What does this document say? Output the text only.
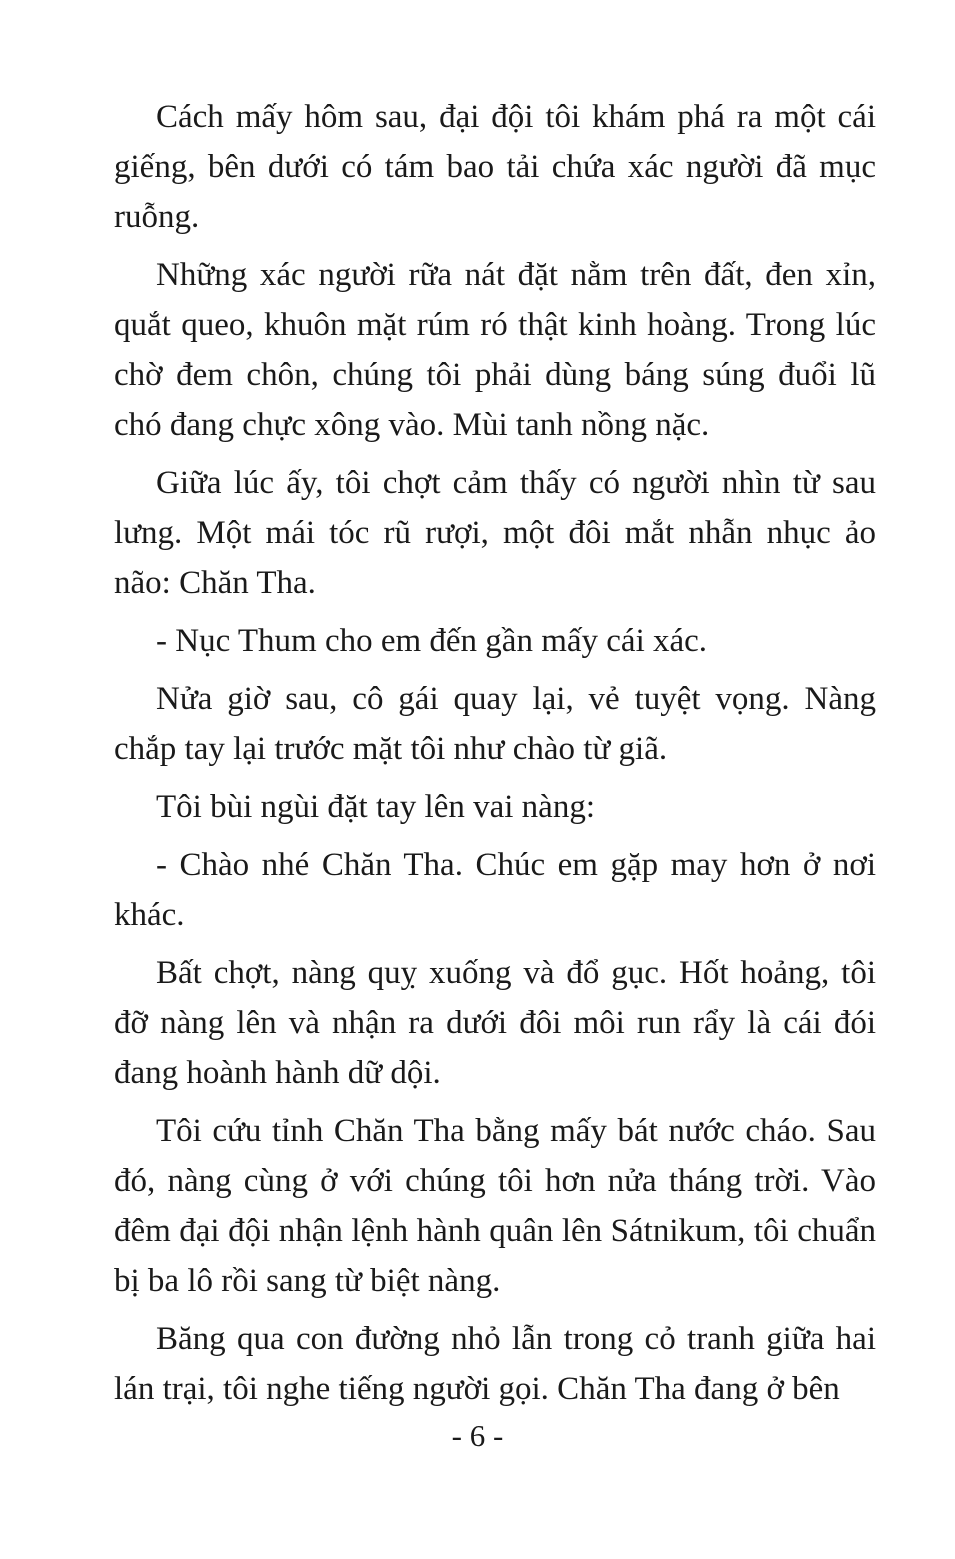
Cách mấy hôm sau, đại đội tôi khám phá ra một cái giếng, bên dưới có tám bao tải chứa xác người đã mục ruỗng.

Những xác người rữa nát đặt nằm trên đất, đen xỉn, quắt queo, khuôn mặt rúm ró thật kinh hoàng. Trong lúc chờ đem chôn, chúng tôi phải dùng báng súng đuổi lũ chó đang chực xông vào. Mùi tanh nồng nặc.

Giữa lúc ấy, tôi chợt cảm thấy có người nhìn từ sau lưng. Một mái tóc rũ rượi, một đôi mắt nhẫn nhục ảo não: Chăn Tha.

- Nục Thum cho em đến gần mấy cái xác.

Nửa giờ sau, cô gái quay lại, vẻ tuyệt vọng. Nàng chắp tay lại trước mặt tôi như chào từ giã.

Tôi bùi ngùi đặt tay lên vai nàng:

- Chào nhé Chăn Tha. Chúc em gặp may hơn ở nơi khác.

Bất chợt, nàng quỵ xuống và đổ gục. Hốt hoảng, tôi đỡ nàng lên và nhận ra dưới đôi môi run rẩy là cái đói đang hoành hành dữ dội.

Tôi cứu tỉnh Chăn Tha bằng mấy bát nước cháo. Sau đó, nàng cùng ở với chúng tôi hơn nửa tháng trời. Vào đêm đại đội nhận lệnh hành quân lên Sátnikum, tôi chuẩn bị ba lô rồi sang từ biệt nàng.

Băng qua con đường nhỏ lẫn trong cỏ tranh giữa hai lán trại, tôi nghe tiếng người gọi. Chăn Tha đang ở bên

- 6 -
